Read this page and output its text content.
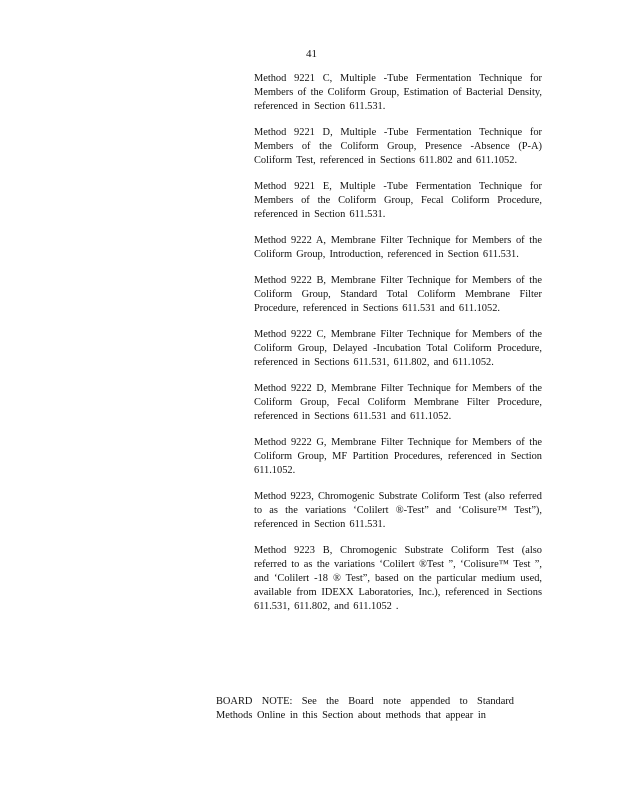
41

Method 9221 C, Multiple -Tube Fermentation Technique for Members of the Coliform Group, Estimation of Bacterial Density, referenced in Section 611.531.

Method 9221 D, Multiple -Tube Fermentation Technique for Members of the Coliform Group, Presence -Absence (P-A) Coliform Test, referenced in Sections 611.802 and 611.1052.

Method 9221 E, Multiple -Tube Fermentation Technique for Members of the Coliform Group, Fecal Coliform Procedure, referenced in Section 611.531.

Method 9222 A, Membrane Filter Technique for Members of the Coliform Group, Introduction, referenced in Section 611.531.

Method 9222 B, Membrane Filter Technique for Members of the Coliform Group, Standard Total Coliform Membrane Filter Procedure, referenced in Sections 611.531 and 611.1052.

Method 9222 C, Membrane Filter Technique for Members of the Coliform Group, Delayed -Incubation Total Coliform Procedure, referenced in Sections 611.531, 611.802, and 611.1052.

Method 9222 D, Membrane Filter Technique for Members of the Coliform Group, Fecal Coliform Membrane Filter Procedure, referenced in Sections 611.531 and 611.1052.

Method 9222 G, Membrane Filter Technique for Members of the Coliform Group, MF Partition Procedures, referenced in Section 611.1052.

Method 9223, Chromogenic Substrate Coliform Test (also referred to as the variations ‘Colilert ®-Test” and ‘Colisure™ Test”), referenced in Section 611.531.

Method 9223 B, Chromogenic Substrate Coliform Test (also referred to as the variations ‘Colilert ®Test ”, ‘Colisure™ Test ”, and ‘Colilert -18 ® Test”, based on the particular medium used, available from IDEXX Laboratories, Inc.), referenced in Sections 611.531, 611.802, and 611.1052 .

BOARD NOTE: See the Board note appended to Standard Methods Online in this Section about methods that appear in
